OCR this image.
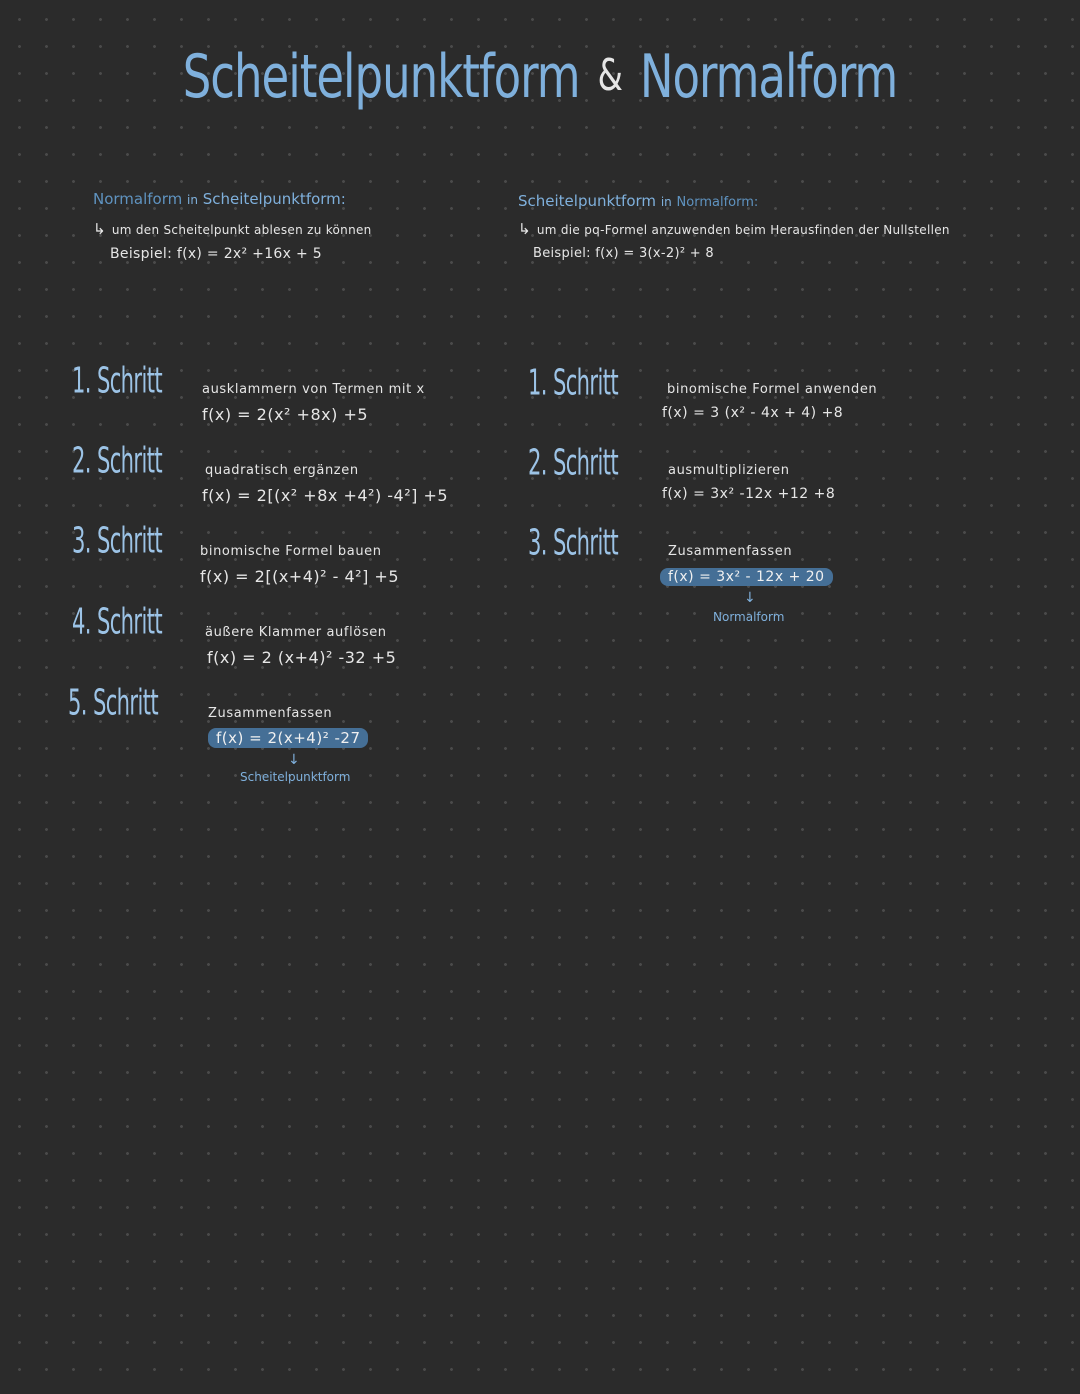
Scheitelpunktform & Normalform
Normalform in Scheitelpunktform:
↳ um den Scheitelpunkt ablesen zu können
Beispiel: f(x) = 2x² +16x + 5
1. Schritt	ausklammern von Termen mit x
f(x) = 2(x² +8x) +5
2. Schritt	quadratisch ergänzen
f(x) = 2[(x² +8x +4²) -4²] +5
3. Schritt	binomische Formel bauen
f(x) = 2[(x+4)² - 4²] +5
4. Schritt	äußere Klammer auflösen
f(x) = 2 (x+4)² -32 +5
5. Schritt	Zusammenfassen
f(x) = 2(x+4)² -27
↓
Scheitelpunktform
Scheitelpunktform in Normalform:
↳ um die pq-Formel anzuwenden beim Herausfinden der Nullstellen
Beispiel: f(x) = 3(x-2)² + 8
1. Schritt	binomische Formel anwenden
f(x) = 3 (x² - 4x + 4) +8
2. Schritt	ausmultiplizieren
f(x) = 3x² -12x +12 +8
3. Schritt	Zusammenfassen
f(x) = 3x² - 12x + 20
↓
Normalform
